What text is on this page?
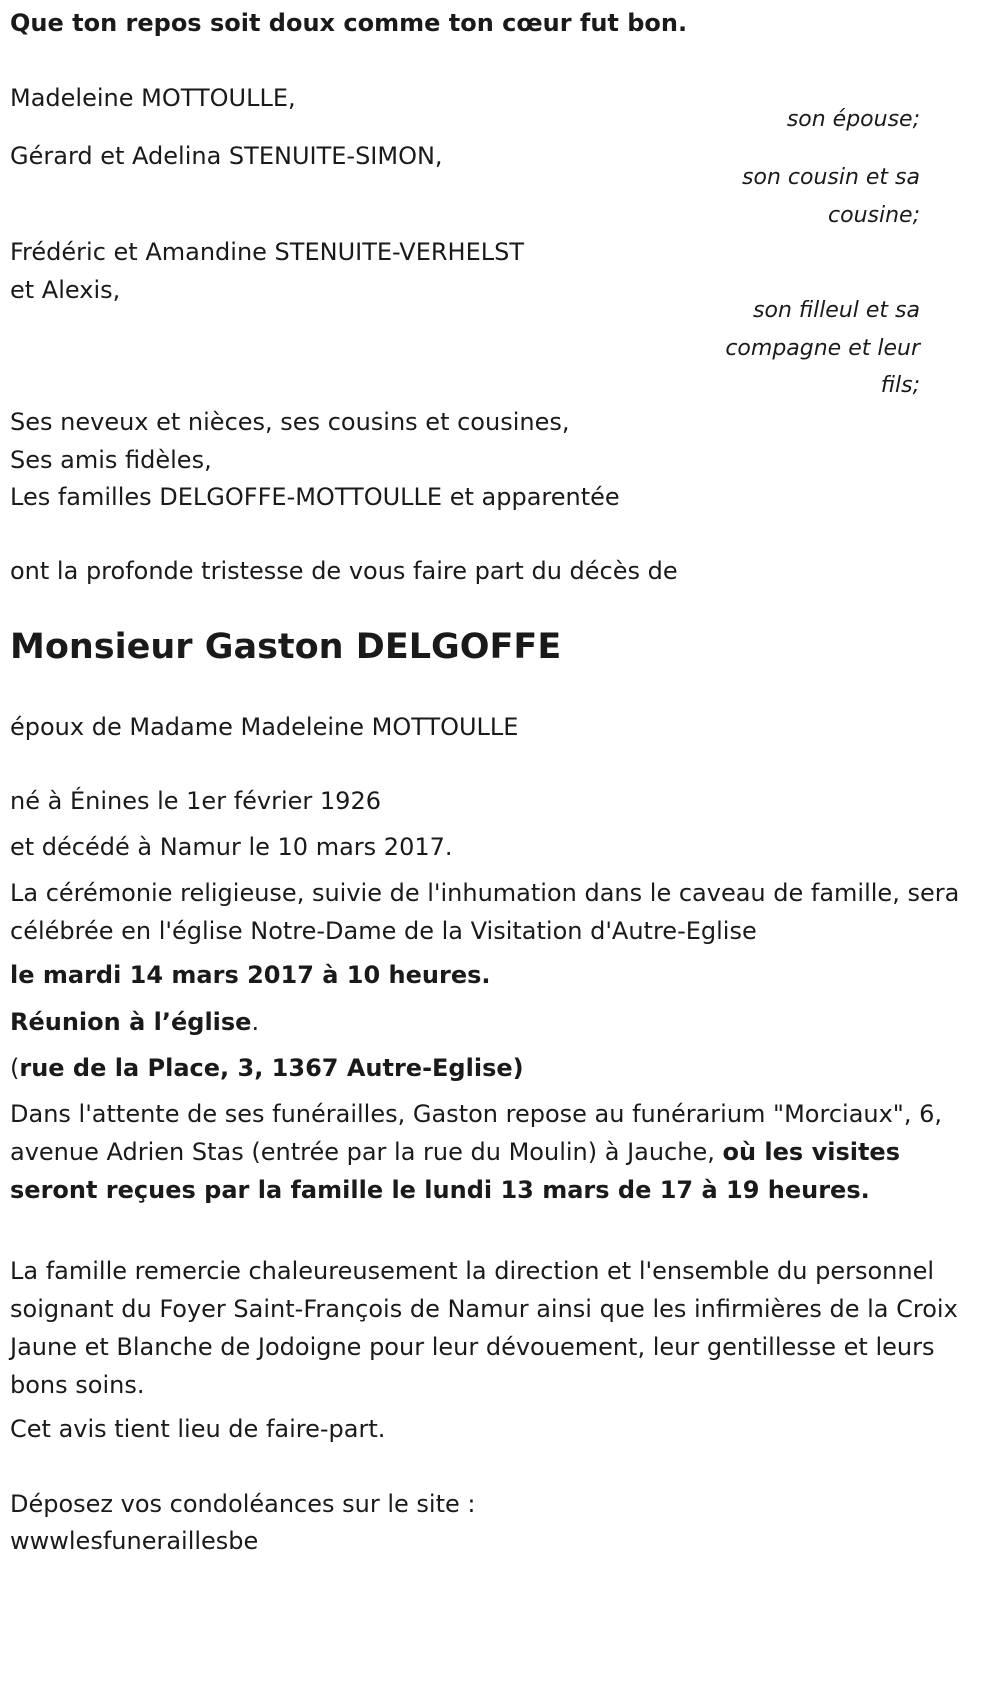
Que ton repos soit doux comme ton cœur fut bon.
Madeleine MOTTOULLE,
son épouse;
Gérard et Adelina STENUITE-SIMON,
son cousin et sa cousine;
Frédéric et Amandine STENUITE-VERHELST
et Alexis,
son filleul et sa compagne et leur fils;
Ses neveux et nièces, ses cousins et cousines,
Ses amis fidèles,
Les familles DELGOFFE-MOTTOULLE et apparentée
ont la profonde tristesse de vous faire part du décès de
Monsieur Gaston DELGOFFE
époux de Madame Madeleine MOTTOULLE
né à Énines le 1er février 1926
et décédé à Namur le 10 mars 2017.
La cérémonie religieuse, suivie de l'inhumation dans le caveau de famille, sera célébrée en l'église Notre-Dame de la Visitation d'Autre-Eglise
le mardi 14 mars 2017 à 10 heures.
Réunion à l’église.
(rue de la Place, 3, 1367 Autre-Eglise)
Dans l'attente de ses funérailles, Gaston repose au funérarium "Morciaux", 6, avenue Adrien Stas (entrée par la rue du Moulin) à Jauche, où les visites seront reçues par la famille le lundi 13 mars de 17 à 19 heures.
La famille remercie chaleureusement la direction et l'ensemble du personnel soignant du Foyer Saint-François de Namur ainsi que les infirmières de la Croix Jaune et Blanche de Jodoigne pour leur dévouement, leur gentillesse et leurs bons soins.
Cet avis tient lieu de faire-part.
Déposez vos condoléances sur le site :
wwwlesfuneraillesbe
